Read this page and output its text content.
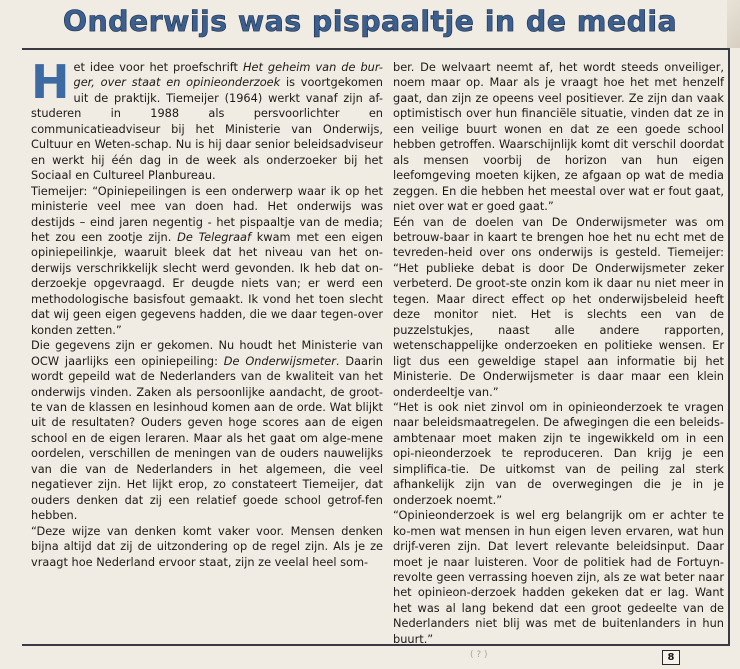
Onderwijs was pispaaltje in de media

Het idee voor het proefschrift Het geheim van de bur-ger, over staat en opinieonderzoek is voortgekomen uit de praktijk. Tiemeijer (1964) werkt vanaf zijn af-studeren in 1988 als persvoorlichter en communicatieadviseur bij het Ministerie van Onderwijs, Cultuur en Weten-schap. Nu is hij daar senior beleidsadviseur en werkt hij één dag in de week als onderzoeker bij het Sociaal en Cultureel Planbureau.

Tiemeijer: “Opiniepeilingen is een onderwerp waar ik op het ministerie veel mee van doen had. Het onderwijs was destijds – eind jaren negentig - het pispaaltje van de media; het zou een zootje zijn. De Telegraaf kwam met een eigen opiniepeilinkje, waaruit bleek dat het niveau van het on-derwijs verschrikkelijk slecht werd gevonden. Ik heb dat on-derzoekje opgevraagd. Er deugde niets van; er werd een methodologische basisfout gemaakt. Ik vond het toen slecht dat wij geen eigen gegevens hadden, die we daar tegen-over konden zetten.”

Die gegevens zijn er gekomen. Nu houdt het Ministerie van OCW jaarlijks een opiniepeiling: De Onderwijsmeter. Daarin wordt gepeild wat de Nederlanders van de kwaliteit van het onderwijs vinden. Zaken als persoonlijke aandacht, de groot-te van de klassen en lesinhoud komen aan de orde. Wat blijkt uit de resultaten? Ouders geven hoge scores aan de eigen school en de eigen leraren. Maar als het gaat om alge-mene oordelen, verschillen de meningen van de ouders nauwelijks van die van de Nederlanders in het algemeen, die veel negatiever zijn. Het lijkt erop, zo constateert Tiemeijer, dat ouders denken dat zij een relatief goede school getrof-fen hebben.

“Deze wijze van denken komt vaker voor. Mensen denken bijna altijd dat zij de uitzondering op de regel zijn. Als je ze vraagt hoe Nederland ervoor staat, zijn ze veelal heel som-

ber. De welvaart neemt af, het wordt steeds onveiliger, noem maar op. Maar als je vraagt hoe het met henzelf gaat, dan zijn ze opeens veel positiever. Ze zijn dan vaak optimistisch over hun financiële situatie, vinden dat ze in een veilige buurt wonen en dat ze een goede school hebben getroffen. Waarschijnlijk komt dit verschil doordat als mensen voorbij de horizon van hun eigen leefomgeving moeten kijken, ze afgaan op wat de media zeggen. En die hebben het meestal over wat er fout gaat, niet over wat er goed gaat.”

Eén van de doelen van De Onderwijsmeter was om betrouw-baar in kaart te brengen hoe het nu echt met de tevreden-heid over ons onderwijs is gesteld. Tiemeijer: “Het publieke debat is door De Onderwijsmeter zeker verbeterd. De groot-ste onzin kom ik daar nu niet meer in tegen. Maar direct effect op het onderwijsbeleid heeft deze monitor niet. Het is slechts een van de puzzelstukjes, naast alle andere rapporten, wetenschappelijke onderzoeken en politieke wensen. Er ligt dus een geweldige stapel aan informatie bij het Ministerie. De Onderwijsmeter is daar maar een klein onderdeeltje van.”

“Het is ook niet zinvol om in opinieonderzoek te vragen naar beleidsmaatregelen. De afwegingen die een beleids-ambtenaar moet maken zijn te ingewikkeld om in een opi-nieonderzoek te reproduceren. Dan krijg je een simplifica-tie. De uitkomst van de peiling zal sterk afhankelijk zijn van de overwegingen die je in je onderzoek noemt.”

“Opinieonderzoek is wel erg belangrijk om er achter te ko-men wat mensen in hun eigen leven ervaren, wat hun drijf-veren zijn. Dat levert relevante beleidsinput. Daar moet je naar luisteren. Voor de politiek had de Fortuyn-revolte geen verrassing hoeven zijn, als ze wat beter naar het opinieon-derzoek hadden gekeken dat er lag. Want het was al lang bekend dat een groot gedeelte van de Nederlanders niet blij was met de buitenlanders in hun buurt.”

( ? )	8
